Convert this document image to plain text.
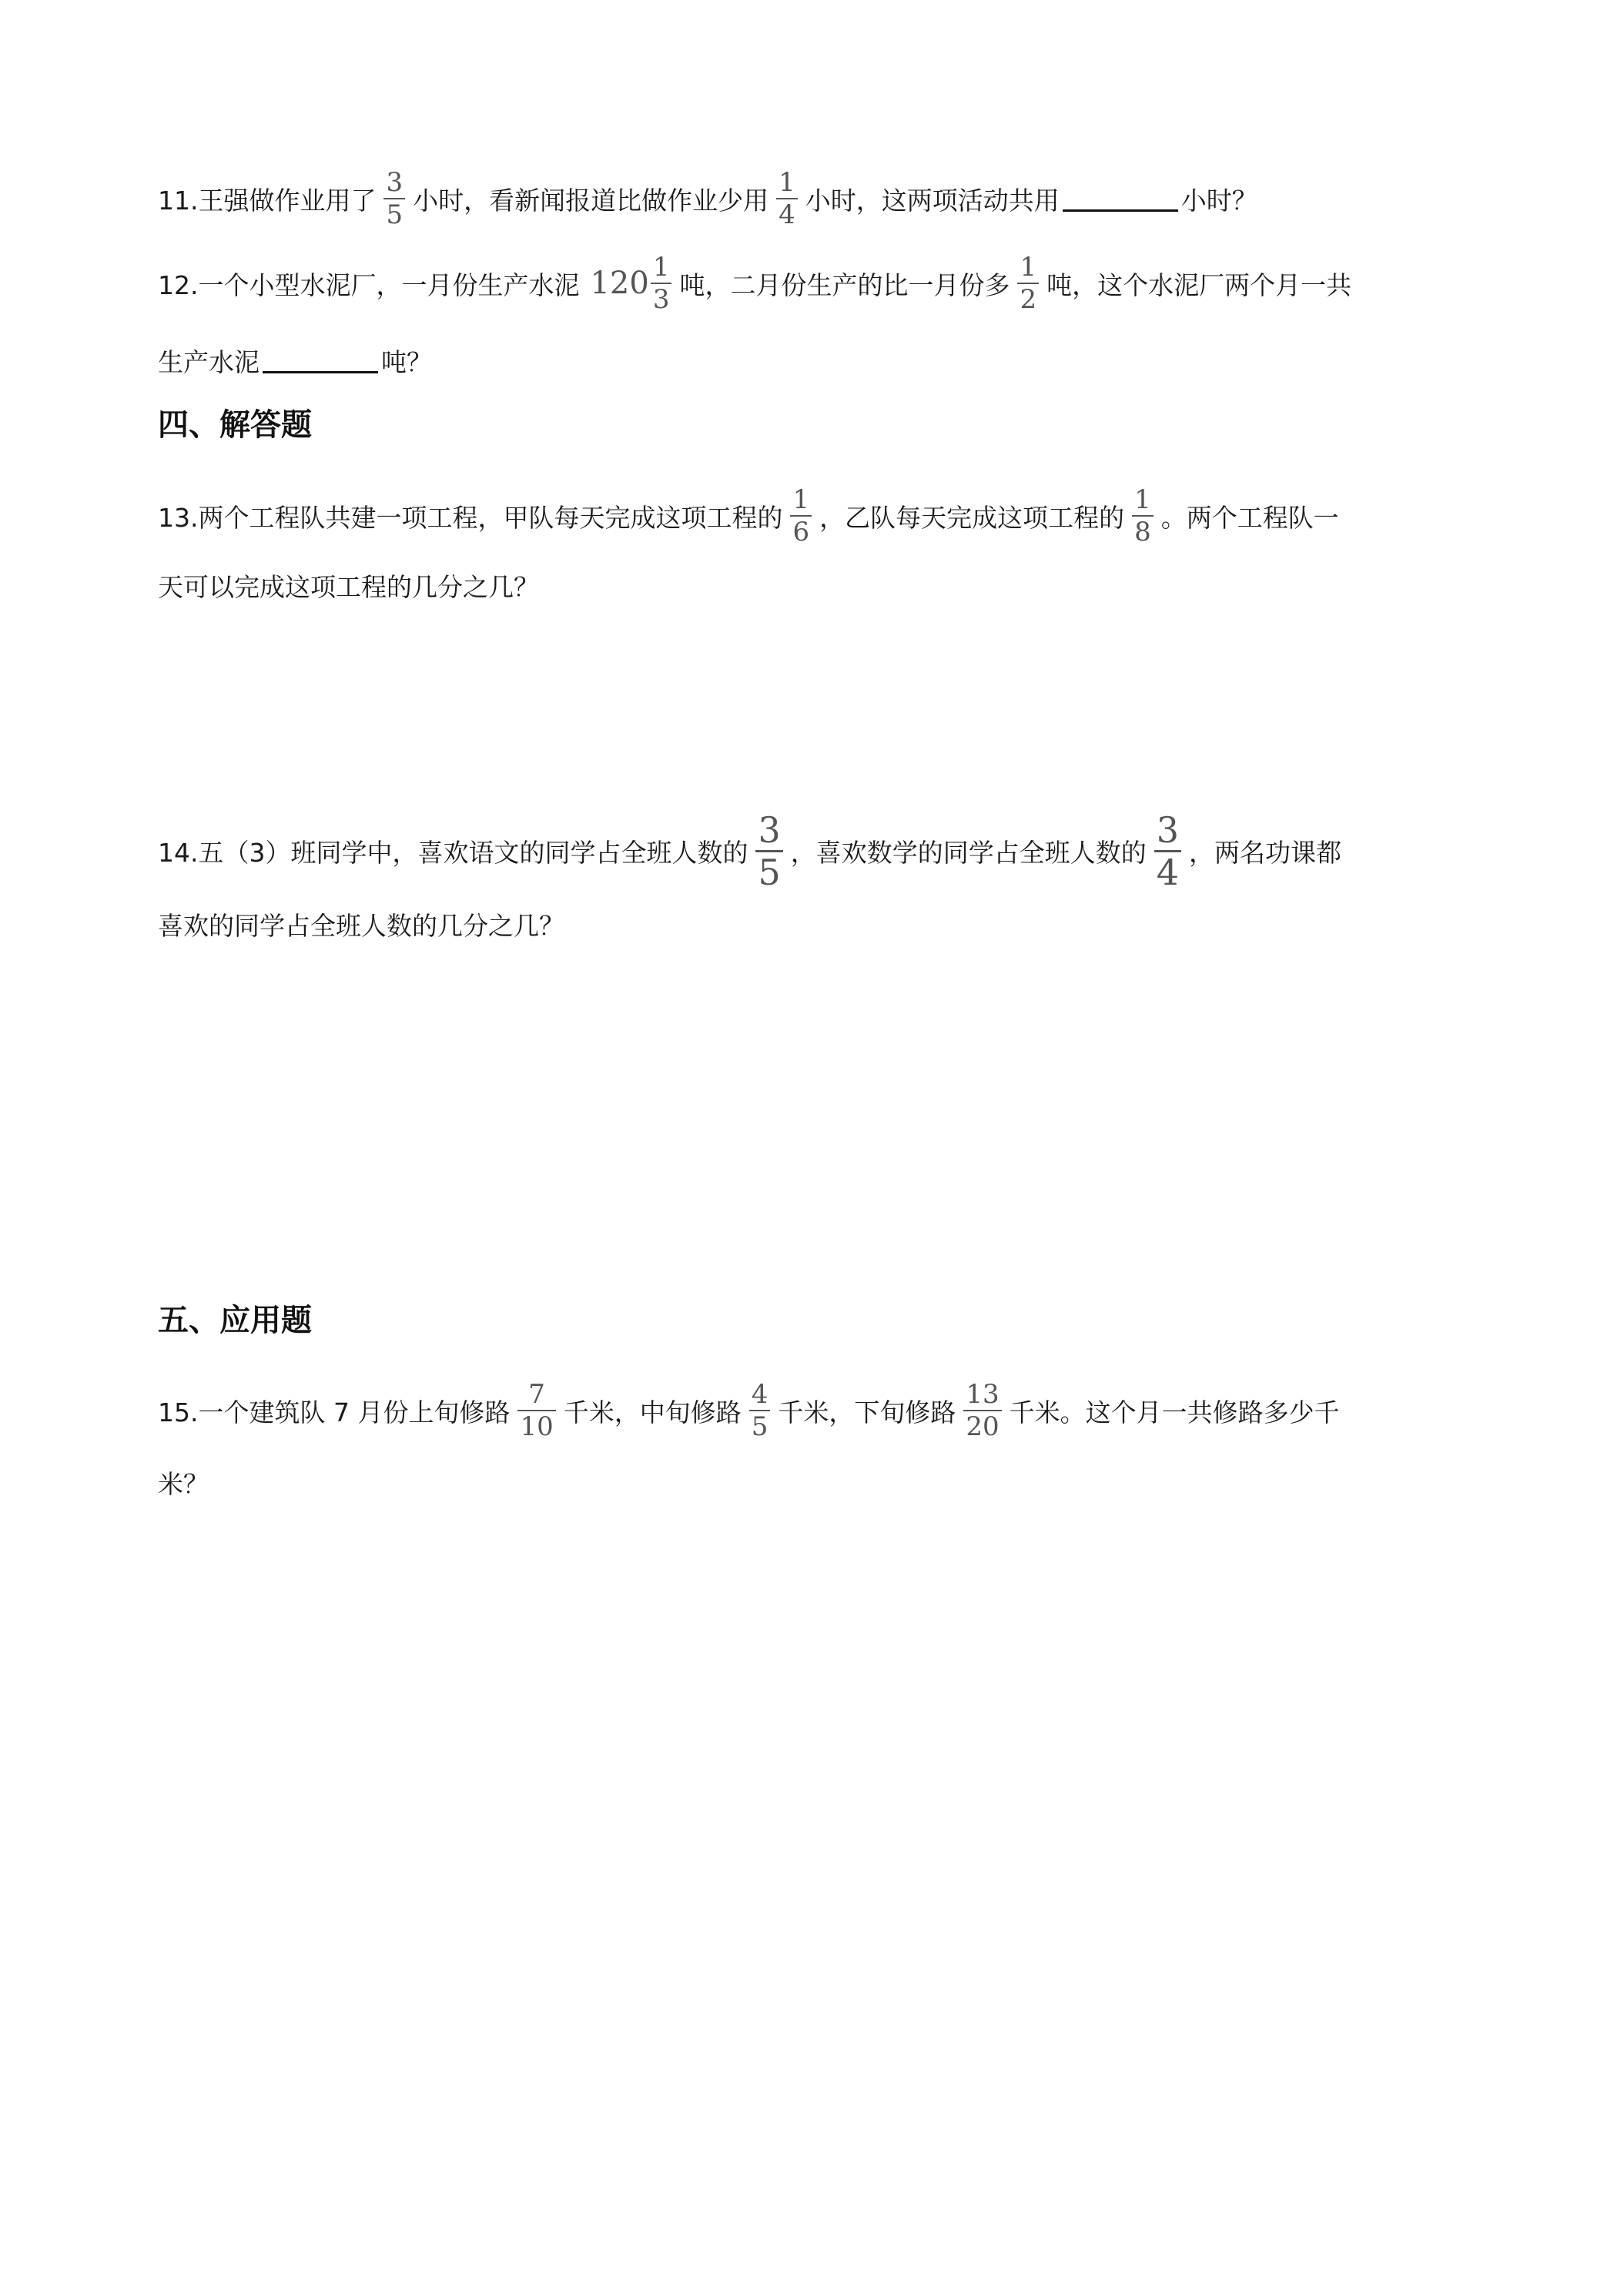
11.王强做作业用了 $\frac{3}{5}$ 小时，看新闻报道比做作业少用 $\frac{1}{4}$ 小时，这两项活动共用	小时？
12.一个小型水泥厂，一月份生产水泥 $120 \frac{1}{3}$ 吨，二月份生产的比一月份多 $\frac{1}{2}$ 吨，这个水泥厂两个月一共
生产水泥	吨？
四、解答题
13.两个工程队共建一项工程，甲队每天完成这项工程的 $\frac{1}{6}$ ，乙队每天完成这项工程的 $\frac{1}{8}$ 。两个工程队一
天可以完成这项工程的几分之几？
14.五（3）班同学中，喜欢语文的同学占全班人数的 $\frac{3}{5}$ ，喜欢数学的同学占全班人数的 $\frac{3}{4}$ ，两名功课都
喜欢的同学占全班人数的几分之几？
五、应用题
15.一个建筑队 7 月份上旬修路 $\frac{7}{10}$ 千米，中旬修路 $\frac{4}{5}$ 千米，下旬修路 $\frac{13}{20}$ 千米。这个月一共修路多少千
米？
